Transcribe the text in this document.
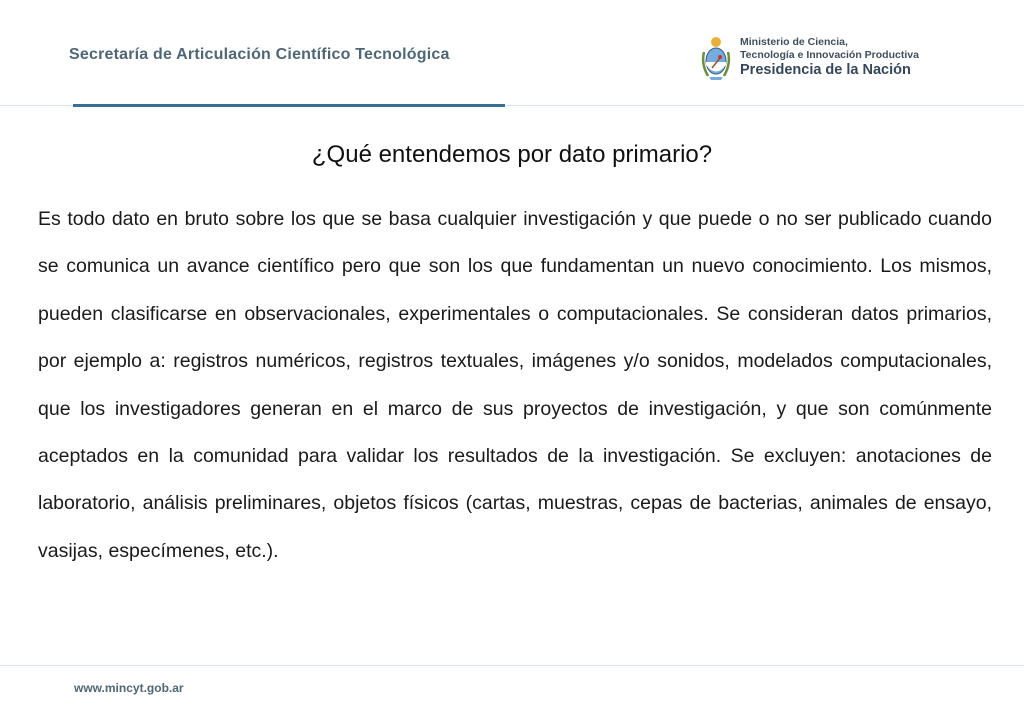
Secretaría de Articulación Científico Tecnológica
Ministerio de Ciencia,
Tecnología e Innovación Productiva
Presidencia de la Nación
¿Qué entendemos por dato primario?

Es todo dato en bruto sobre los que se basa cualquier investigación y que puede o no ser publicado cuando se comunica un avance científico pero que son los que fundamentan un nuevo conocimiento. Los mismos, pueden clasificarse en observacionales, experimentales o computacionales. Se consideran datos primarios, por ejemplo a: registros numéricos, registros textuales, imágenes y/o sonidos, modelados computacionales, que los investigadores generan en el marco de sus proyectos de investigación, y que son comúnmente aceptados en la comunidad para validar los resultados de la investigación. Se excluyen: anotaciones de laboratorio, análisis preliminares, objetos físicos (cartas, muestras, cepas de bacterias, animales de ensayo, vasijas, especímenes, etc.).

www.mincyt.gob.ar
